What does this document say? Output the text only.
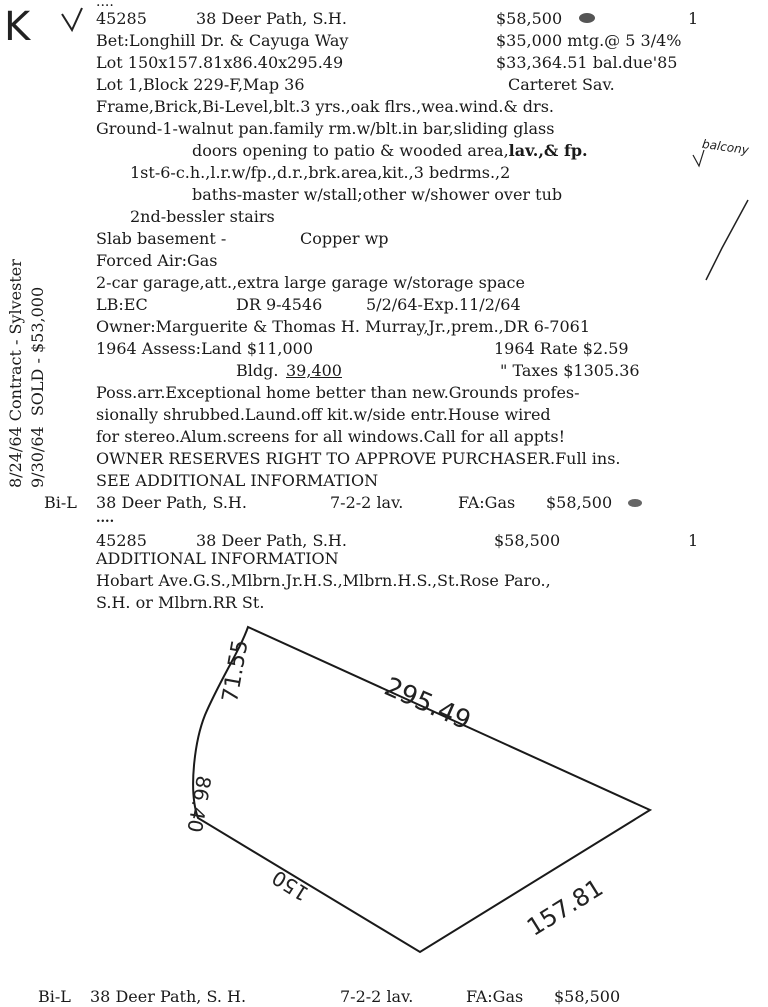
K
....
45285	38 Deer Path, S.H.	$58,500	1
Bet:Longhill Dr. & Cayuga Way	$35,000 mtg.@ 5 3/4%
Lot 150x157.81x86.40x295.49	$33,364.51 bal.due'85
Lot 1,Block 229-F,Map 36	Carteret Sav.
Frame,Brick,Bi-Level,blt.3 yrs.,oak flrs.,wea.wind.& drs.
Ground-1-walnut pan.family rm.w/blt.in bar,sliding glass
doors opening to patio & wooded area,lav.,& fp.	balcony
1st-6-c.h.,l.r.w/fp.,d.r.,brk.area,kit.,3 bedrms.,2
baths-master w/stall;other w/shower over tub
2nd-bessler stairs
Slab basement -	Copper wp
Forced Air:Gas
2-car garage,att.,extra large garage w/storage space
LB:EC	DR 9-4546	5/2/64-Exp.11/2/64
Owner:Marguerite & Thomas H. Murray,Jr.,prem.,DR 6-7061
1964 Assess:Land $11,000	1964 Rate $2.59
Bldg. 39,400	" Taxes $1305.36
Poss.arr.Exceptional home better than new.Grounds profes-
sionally shrubbed.Laund.off kit.w/side entr.House wired
for stereo.Alum.screens for all windows.Call for all appts!
OWNER RESERVES RIGHT TO APPROVE PURCHASER.Full ins.
SEE ADDITIONAL INFORMATION
8/24/64 Contract - Sylvester 9/30/64  SOLD - $53,000
Bi-L 38 Deer Path, S.H.	7-2-2 lav.	FA:Gas $58,500
....
45285	38 Deer Path, S.H.	$58,500	1
ADDITIONAL INFORMATION
Hobart Ave.G.S.,Mlbrn.Jr.H.S.,Mlbrn.H.S.,St.Rose Paro.,
S.H. or Mlbrn.RR St.
295.49
157.81
150
71.55
86.40
Bi-L 38 Deer Path, S. H.	7-2-2 lav.	FA:Gas $58,500
